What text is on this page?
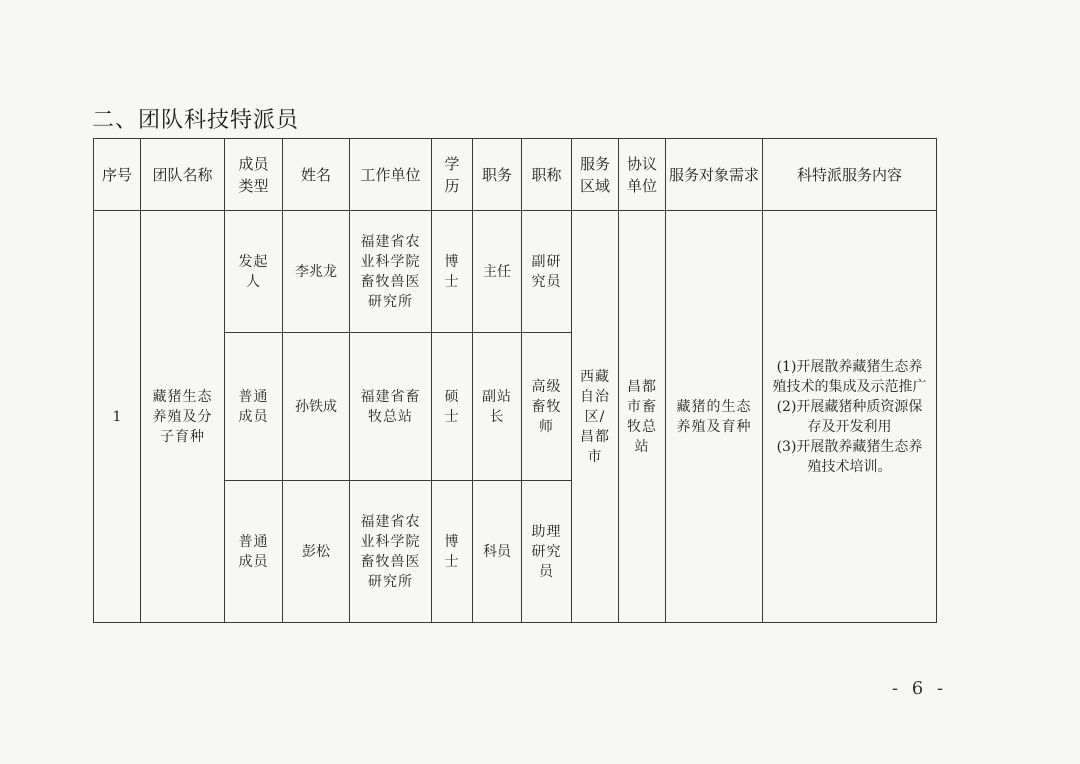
二、团队科技特派员
序号	团队名称	成员类型	姓名	工作单位	学历	职务	职称	服务区域	协议单位	服务对象需求	科特派服务内容
1	藏猪生态养殖及分子育种	发起人	李兆龙	福建省农业科学院畜牧兽医研究所	博士	主任	副研究员	西藏自治区/昌都市	昌都市畜牧总站	藏猪的生态养殖及育种	(1)开展散养藏猪生态养殖技术的集成及示范推广
(2)开展藏猪种质资源保存及开发利用
(3)开展散养藏猪生态养殖技术培训。

		普通成员	孙铁成	福建省畜牧总站	硕士	副站长	高级畜牧师				
		普通成员	彭松	福建省农业科学院畜牧兽医研究所	博士	科员	助理研究员				
- 6 -
